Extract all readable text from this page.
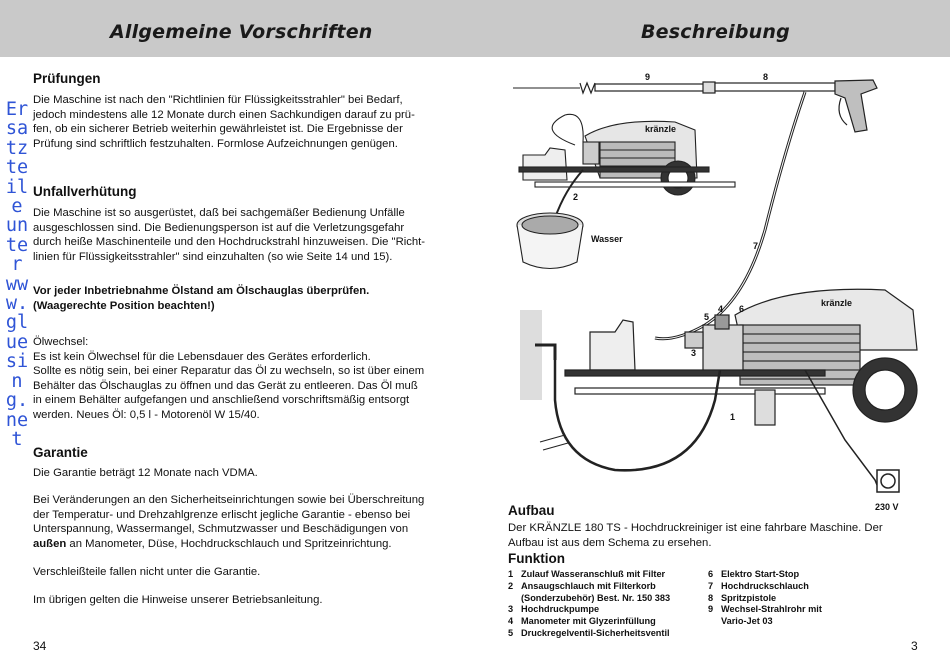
Allgemeine Vorschriften	Beschreibung
Ersatzteile unter www.gluesing.net
Prüfungen
Die Maschine ist nach den "Richtlinien für Flüssigkeitsstrahler" bei Bedarf,
jedoch mindestens alle 12 Monate durch einen Sachkundigen darauf zu prü-
fen, ob ein sicherer Betrieb weiterhin gewährleistet ist. Die Ergebnisse der
Prüfung sind schriftlich festzuhalten. Formlose Aufzeichnungen genügen.
Unfallverhütung
Die Maschine ist so ausgerüstet, daß bei sachgemäßer Bedienung Unfälle
ausgeschlossen sind. Die Bedienungsperson ist auf die Verletzungsgefahr
durch heiße Maschinenteile und den Hochdruckstrahl hinzuweisen. Die "Richt-
linien für Flüssigkeitsstrahler" sind einzuhalten (so wie Seite 14 und 15).
Vor jeder Inbetriebnahme Ölstand am Ölschauglas überprüfen.
(Waagerechte Position beachten!)
Ölwechsel:
Es ist kein Ölwechsel für die Lebensdauer des Gerätes erforderlich.
Sollte es nötig sein, bei einer Reparatur das Öl zu wechseln, so ist über einem
Behälter das Ölschauglas zu öffnen und das Gerät zu entleeren. Das Öl muß
in einem Behälter aufgefangen und anschließend vorschriftsmäßig entsorgt
werden. Neues Öl: 0,5 l - Motorenöl W 15/40.
Garantie
Die Garantie beträgt 12 Monate nach VDMA.
Bei Veränderungen an den Sicherheitseinrichtungen sowie bei Überschreitung
der Temperatur- und Drehzahlgrenze erlischt jegliche Garantie - ebenso bei
Unterspannung, Wassermangel, Schmutzwasser und Beschädigungen von
außen an Manometer, Düse, Hochdruckschlauch und Spritzeinrichtung.
Verschleißteile fallen nicht unter die Garantie.
Im übrigen gelten die Hinweise unserer Betriebsanleitung.
34
kränzle
kränzle
9	8
2
Wasser
7
4 6
5
3
1
230 V
Aufbau
Der KRÄNZLE 180 TS - Hochdruckreiniger ist eine fahrbare Maschine. Der
Aufbau ist aus dem Schema zu ersehen.
Funktion
1 Zulauf Wasseranschluß mit Filter
2 Ansaugschlauch mit Filterkorb
(Sonderzubehör) Best. Nr. 150 383
3 Hochdruckpumpe
4 Manometer mit Glyzerinfüllung
5 Druckregelventil-Sicherheitsventil
6 Elektro Start-Stop
7 Hochdruckschlauch
8 Spritzpistole
9 Wechsel-Strahlrohr mit
Vario-Jet 03
3
